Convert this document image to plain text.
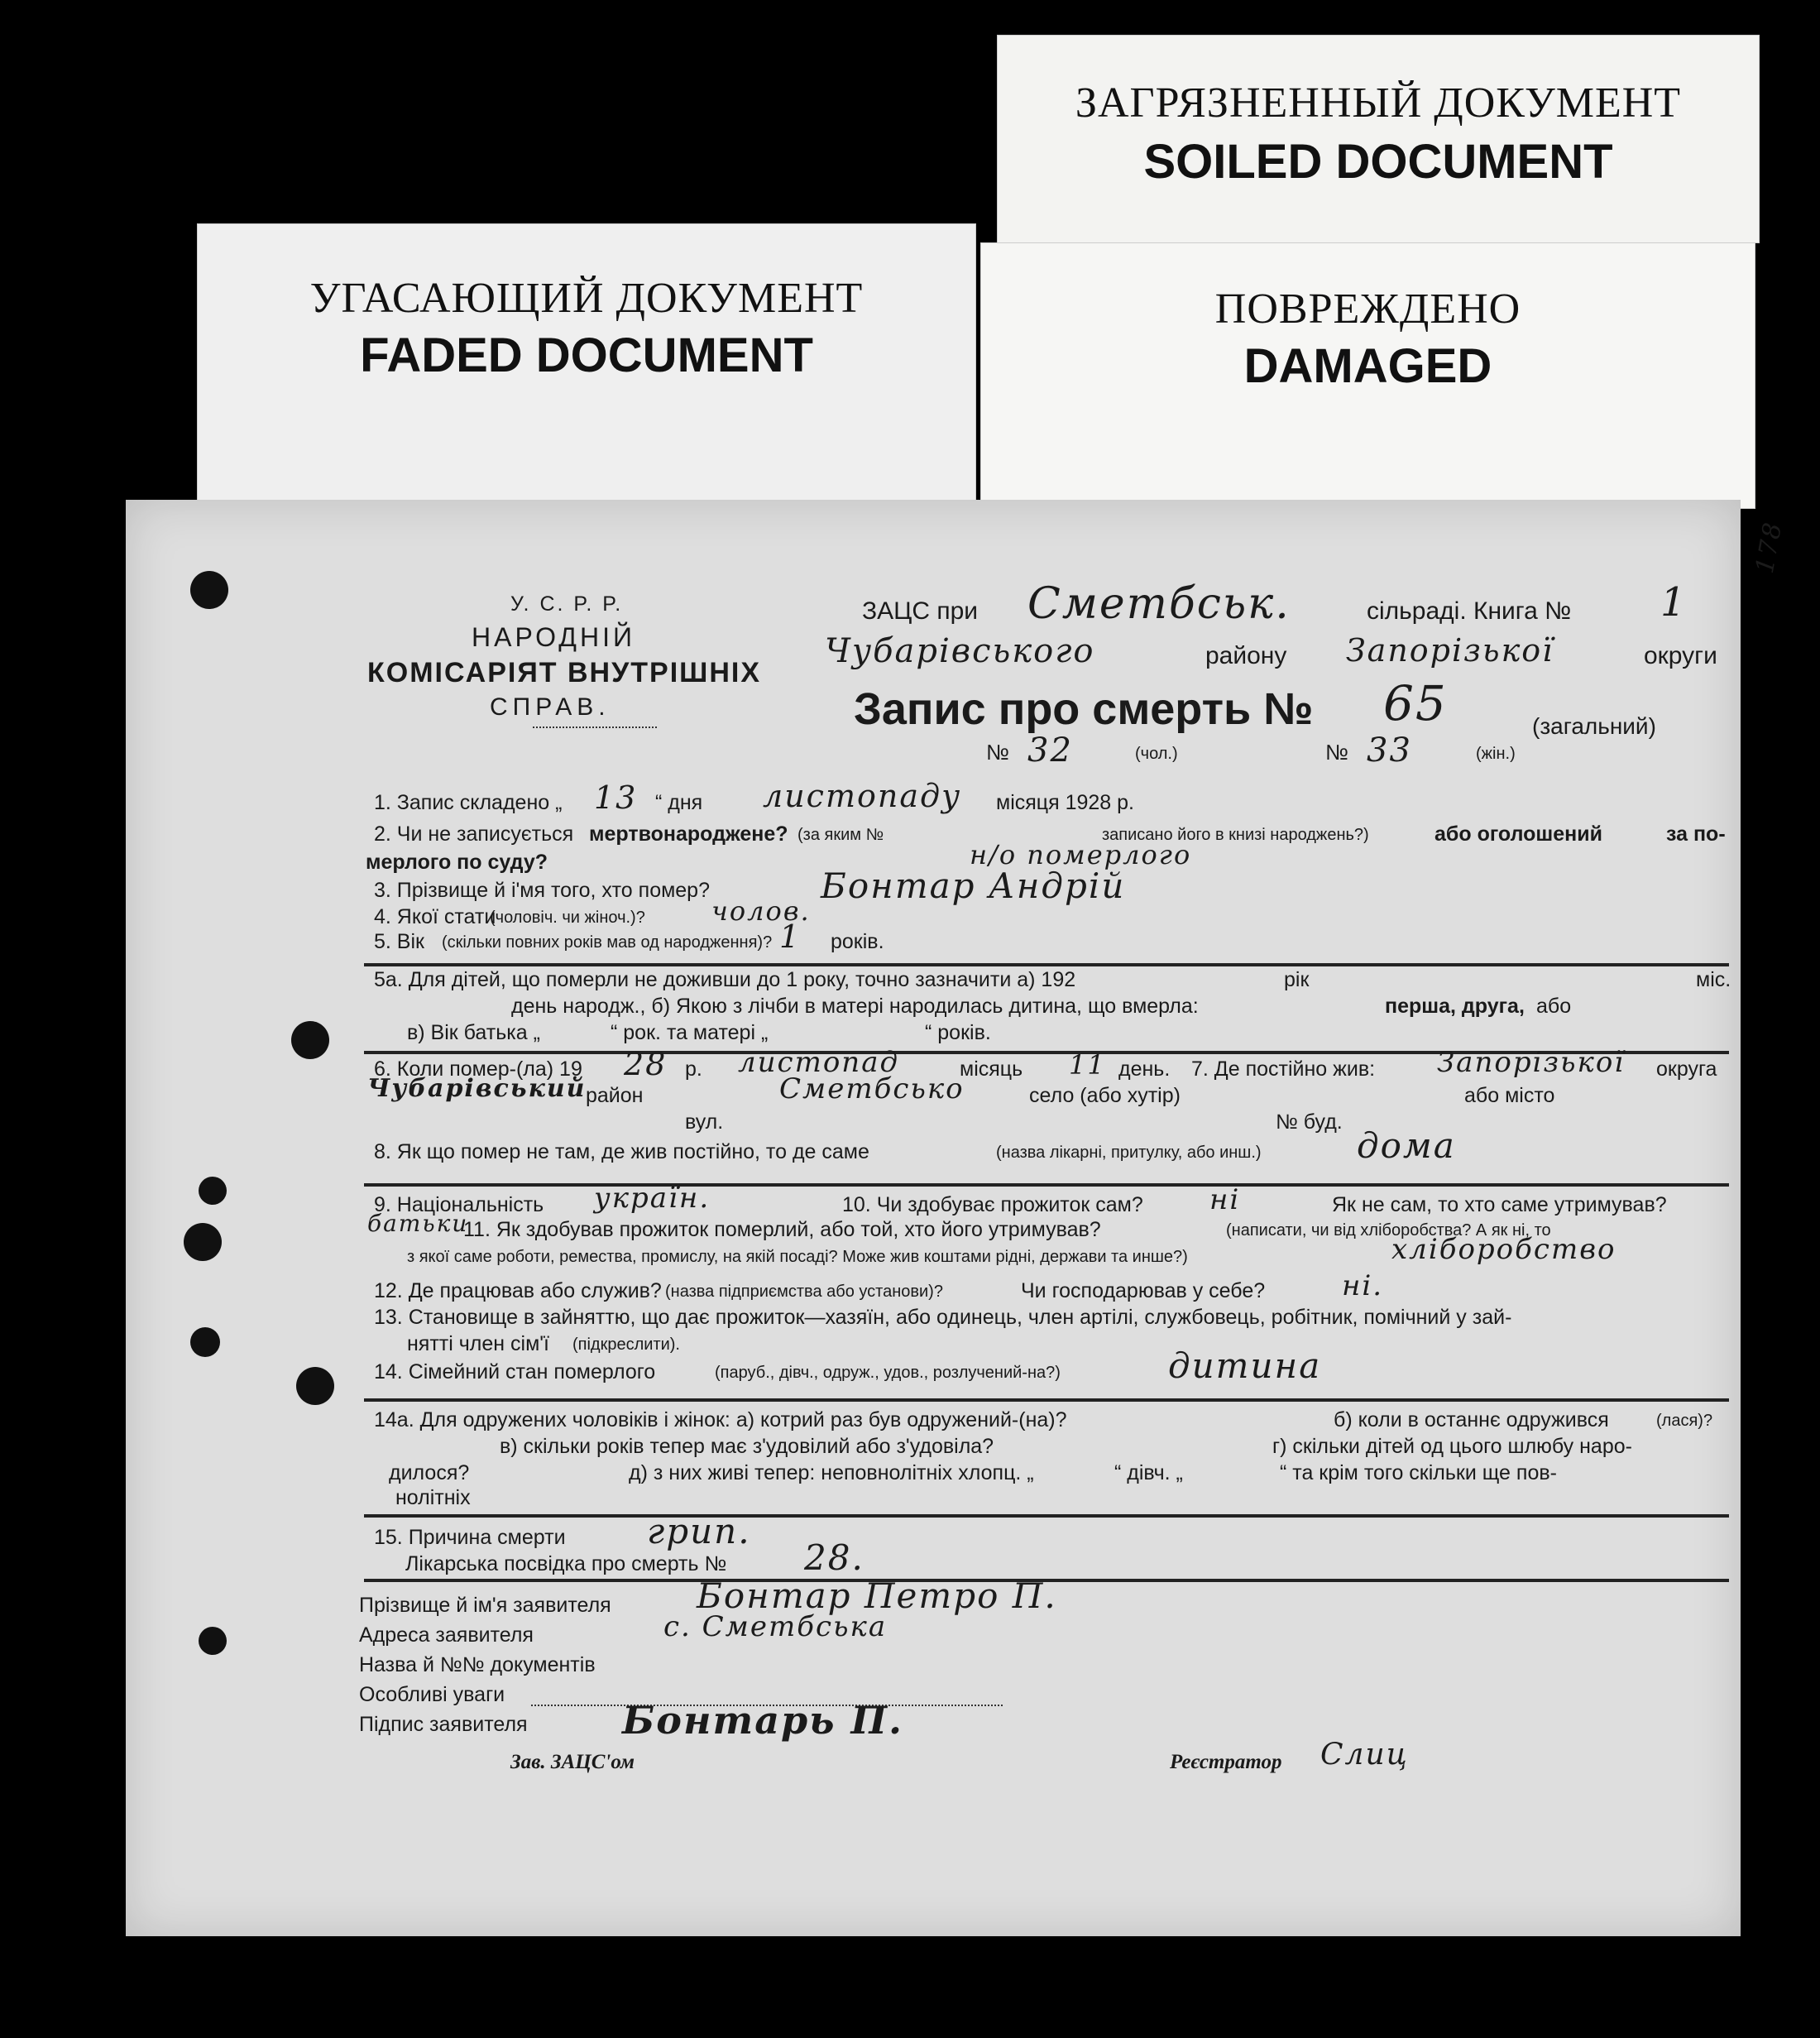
ЗАГРЯЗНЕННЫЙ ДОКУМЕНТ
SOILED DOCUMENT
УГАСАЮЩИЙ ДОКУМЕНТ
FADED DOCUMENT
ПОВРЕЖДЕНО
DAMAGED
178
У. С. Р. Р.
НАРОДНІЙ
КОМІСАРІЯТ ВНУТРІШНІХ
СПРАВ.
ЗАЦС при Сметбськ.	сільраді. Книга № 1
Чубарівського	району Запорізької	округи
Запис про смерть № 65	(загальний)
№ 32	(чол.)	№ 33	(жін.)
1. Запис складено „ 13 “ дня листопаду місяця 1928 р.
2. Чи не записується мертвонароджене? (за яким №	записано його в книзі народжень?)	або оголошений	за по-
мерлого по суду?	н/о померлого
3. Прізвище й і'мя того, хто помер?	Бонтар Андрій
4. Якої стати
(чоловіч. чи жіноч.)?	чолов.
5. Вік (скільки повних років мав од народження)? 1 років.
5а. Для дітей, що померли не доживши до 1 року, точно зазначити а) 192	рік	міс.
день народж., б) Якою з лічби в матері народилась дитина, що вмерла:	перша, друга, або
в) Вік батька „	“ рок. та матері „	“ років.
6. Коли помер-(ла) 19 28 р. листопад	місяць 11 день. 7. Де постійно жив: Запорізької округа
Чубарівський район	Сметбсько	село (або хутір)	або місто
вул.	№ буд.
8. Як що помер не там, де жив постійно, то де саме	(назва лікарні, притулку, або инш.)	дома
9. Національність україн.	10. Чи здобуває прожиток сам? ні	Як не сам, то хто саме утримував?
батьки
11. Як здобував прожиток померлий, або той, хто його утримував?	(написати, чи від хліборобства? А як ні, то
з якої саме роботи, ремества, промислу, на якій посаді? Може жив коштами рідні, держави та инше?)	хліборобство
12. Де працював або служив? (назва підприємства або установи)?	Чи господарював у себе?	ні.
13. Становище в зайняттю, що дає прожиток—хазяїн, або одинець, член артілі, службовець, робітник, помічний у зай-
нятті член сім'ї (підкреслити).
14. Сімейний стан померлого	(паруб., дівч., одруж., удов., розлучений-на?)	дитина
14а. Для одружених чоловіків і жінок: а) котрий раз був одружений-(на)?	б) коли в останнє одружився	(лася)?
в) скільки років тепер має з'удовілий або з'удовіла?	г) скільки дітей од цього шлюбу наро-
дилося?	д) з них живі тепер: неповнолітніх хлопц. „	“ дівч. „	“ та крім того скільки ще пов-
нолітніх
15. Причина смерти грип.
Лікарська посвідка про смерть № 28.
Прізвище й ім'я заявителя Бонтар Петро П.
Адреса заявителя	с. Сметбська
Назва й №№ документів
Особливі уваги
Підпис заявителя Бонтарь П.
Зав. ЗАЦС'ом	Реєстратор Слиц
